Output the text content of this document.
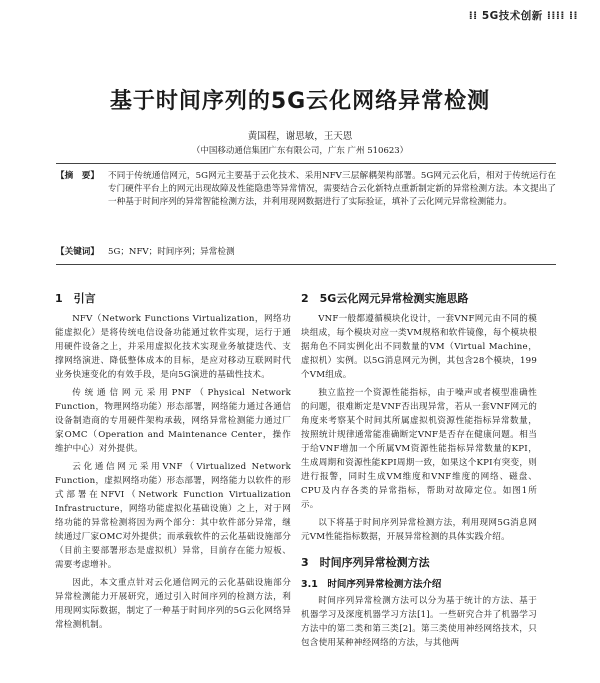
⁞⁞ 5G技术创新 ⁞⁞⁞⁞ ⁞⁞
基于时间序列的5G云化网络异常检测
黄国程，谢思敏，王天恩
（中国移动通信集团广东有限公司，广东 广州 510623）
【摘　要】 不同于传统通信网元，5G网元主要基于云化技术、采用NFV三层解耦架构部署。5G网元云化后，相对于传统运行在专门硬件平台上的网元出现故障及性能隐患等异常情况，需要结合云化新特点重新制定新的异常检测方法。本文提出了一种基于时间序列的异常智能检测方法，并利用现网数据进行了实际验证，填补了云化网元异常检测能力。
【关键词】 5G；NFV；时间序列；异常检测
1　引言

NFV（Network Functions Virtualization，网络功能虚拟化）是将传统电信设备功能通过软件实现，运行于通用硬件设备之上，并采用虚拟化技术实现业务敏捷迭代、支撑网络演进、降低整体成本的目标，是应对移动互联网时代业务快速变化的有效手段，是向5G演进的基础性技术。

传统通信网元采用PNF（Physical Network Function，物理网络功能）形态部署，网络能力通过各通信设备制造商的专用硬件架构承载，网络异常检测能力通过厂家OMC（Operation and Maintenance Center，操作维护中心）对外提供。

云化通信网元采用VNF（Virtualized Network Function，虚拟网络功能）形态部署，网络能力以软件的形式部署在NFVI（Network Function Virtualization Infrastructure，网络功能虚拟化基础设施）之上，对于网络功能的异常检测将因为两个部分：其中软件部分异常，继续通过厂家OMC对外提供；而承载软件的云化基础设施部分（目前主要部署形态是虚拟机）异常，目前存在能力短板、需要考虑增补。

因此，本文重点针对云化通信网元的云化基础设施部分异常检测能力开展研究，通过引入时间序列的检测方法，利用现网实际数据，制定了一种基于时间序列的5G云化网络异常检测机制。

2　5G云化网元异常检测实施思路

VNF一般都遵循模块化设计，一套VNF网元由不同的模块组成，每个模块对应一类VM规格和软件镜像，每个模块根据角色不同实例化出不同数量的VM（Virtual Machine，虚拟机）实例。以5G消息网元为例，其包含28个模块，199个VM组成。

独立监控一个资源性能指标，由于噪声或者模型准确性的问题，很难断定是VNF否出现异常，若从一套VNF网元的角度来考察某个时间其所属虚拟机资源性能指标异常数量，按照统计规律通常能准确断定VNF是否存在健康问题。相当于给VNF增加一个所属VM资源性能指标异常数量的KPI，生成周期和资源性能KPI周期一致，如果这个KPI有突变，则进行报警，同时生成VM维度和VNF维度的网络、磁盘、CPU及内存各类的异常指标，帮助对故障定位。如图1所示。

以下将基于时间序列异常检测方法，利用现网5G消息网元VM性能指标数据，开展异常检测的具体实践介绍。

3　时间序列异常检测方法
3.1　时间序列异常检测方法介绍

时间序列异常检测方法可以分为基于统计的方法、基于机器学习及深度机器学习方法[1]。一些研究合并了机器学习方法中的第二类和第三类[2]。第三类使用神经网络技术，只包含使用某种神经网络的方法，与其他两
